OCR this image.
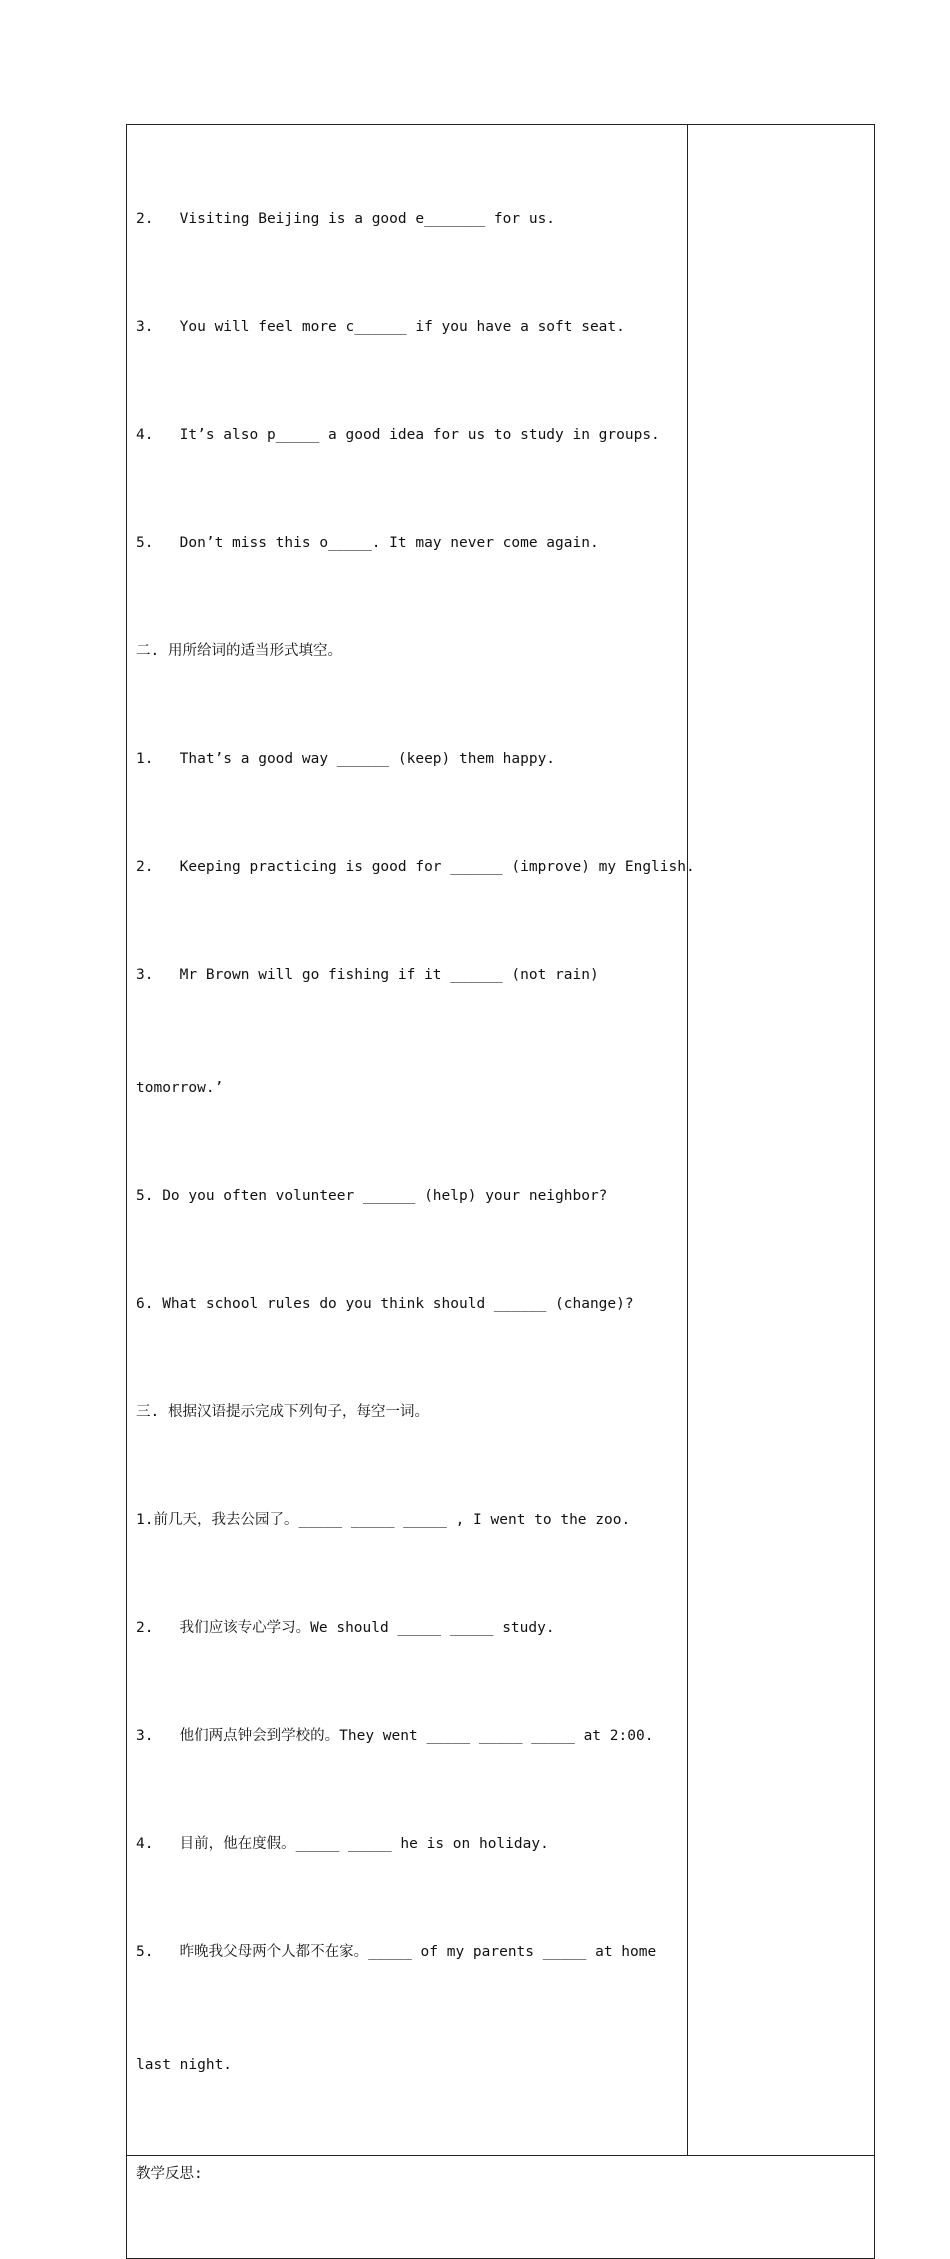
2.   Visiting Beijing is a good e_______ for us.

3.   You will feel more c______ if you have a soft seat.

4.   It’s also p_____ a good idea for us to study in groups.

5.   Don’t miss this o_____. It may never come again.

二. 用所给词的适当形式填空。

1.   That’s a good way ______ (keep) them happy.

2.   Keeping practicing is good for ______ (improve) my English.

3.   Mr Brown will go fishing if it ______ (not rain)

tomorrow.’

5. Do you often volunteer ______ (help) your neighbor?

6. What school rules do you think should ______ (change)?

三. 根据汉语提示完成下列句子，每空一词。

1.前几天，我去公园了。_____ _____ _____ , I went to the zoo.

2.   我们应该专心学习。We should _____ _____ study.

3.   他们两点钟会到学校的。They went _____ _____ _____ at 2:00.

4.   目前，他在度假。_____ _____ he is on holiday.

5.   昨晚我父母两个人都不在家。_____ of my parents _____ at home

last night.

教学反思:
